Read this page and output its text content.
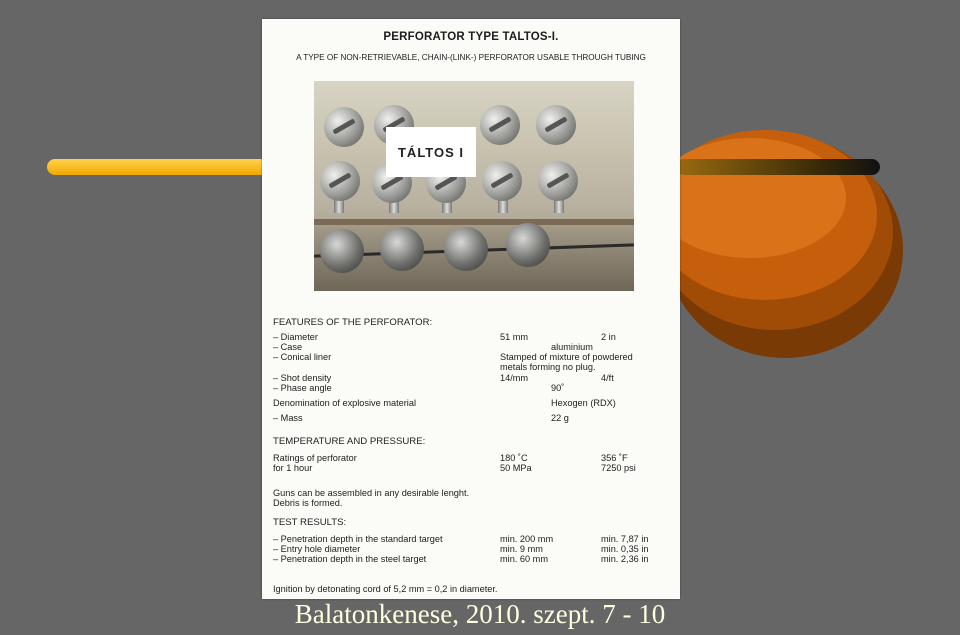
PERFORATOR TYPE TALTOS-I.
A TYPE OF NON-RETRIEVABLE, CHAIN-(LINK-) PERFORATOR USABLE THROUGH TUBING
TÁLTOS I
FEATURES OF THE PERFORATOR:
– Diameter	51 mm	2 in
– Case	aluminium
– Conical liner	Stamped of mixture of powdered
metals forming no plug.
– Shot density	14/mm	4/ft
– Phase angle	90˚
Denomination of explosive material	Hexogen (RDX)
– Mass	22 g
TEMPERATURE AND PRESSURE:
Ratings of perforator	180 ˚C	356 ˚F
for 1 hour	50 MPa	7250 psi
Guns can be assembled in any desirable lenght.
Debris is formed.
TEST RESULTS:
– Penetration depth in the standard target	min. 200 mm	min. 7,87 in
– Entry hole diameter	min. 9 mm	min. 0,35 in
– Penetration depth in the steel target	min. 60 mm	min. 2,36 in
Ignition by detonating cord of 5,2 mm = 0,2 in diameter.
Balatonkenese, 2010. szept. 7 - 10
